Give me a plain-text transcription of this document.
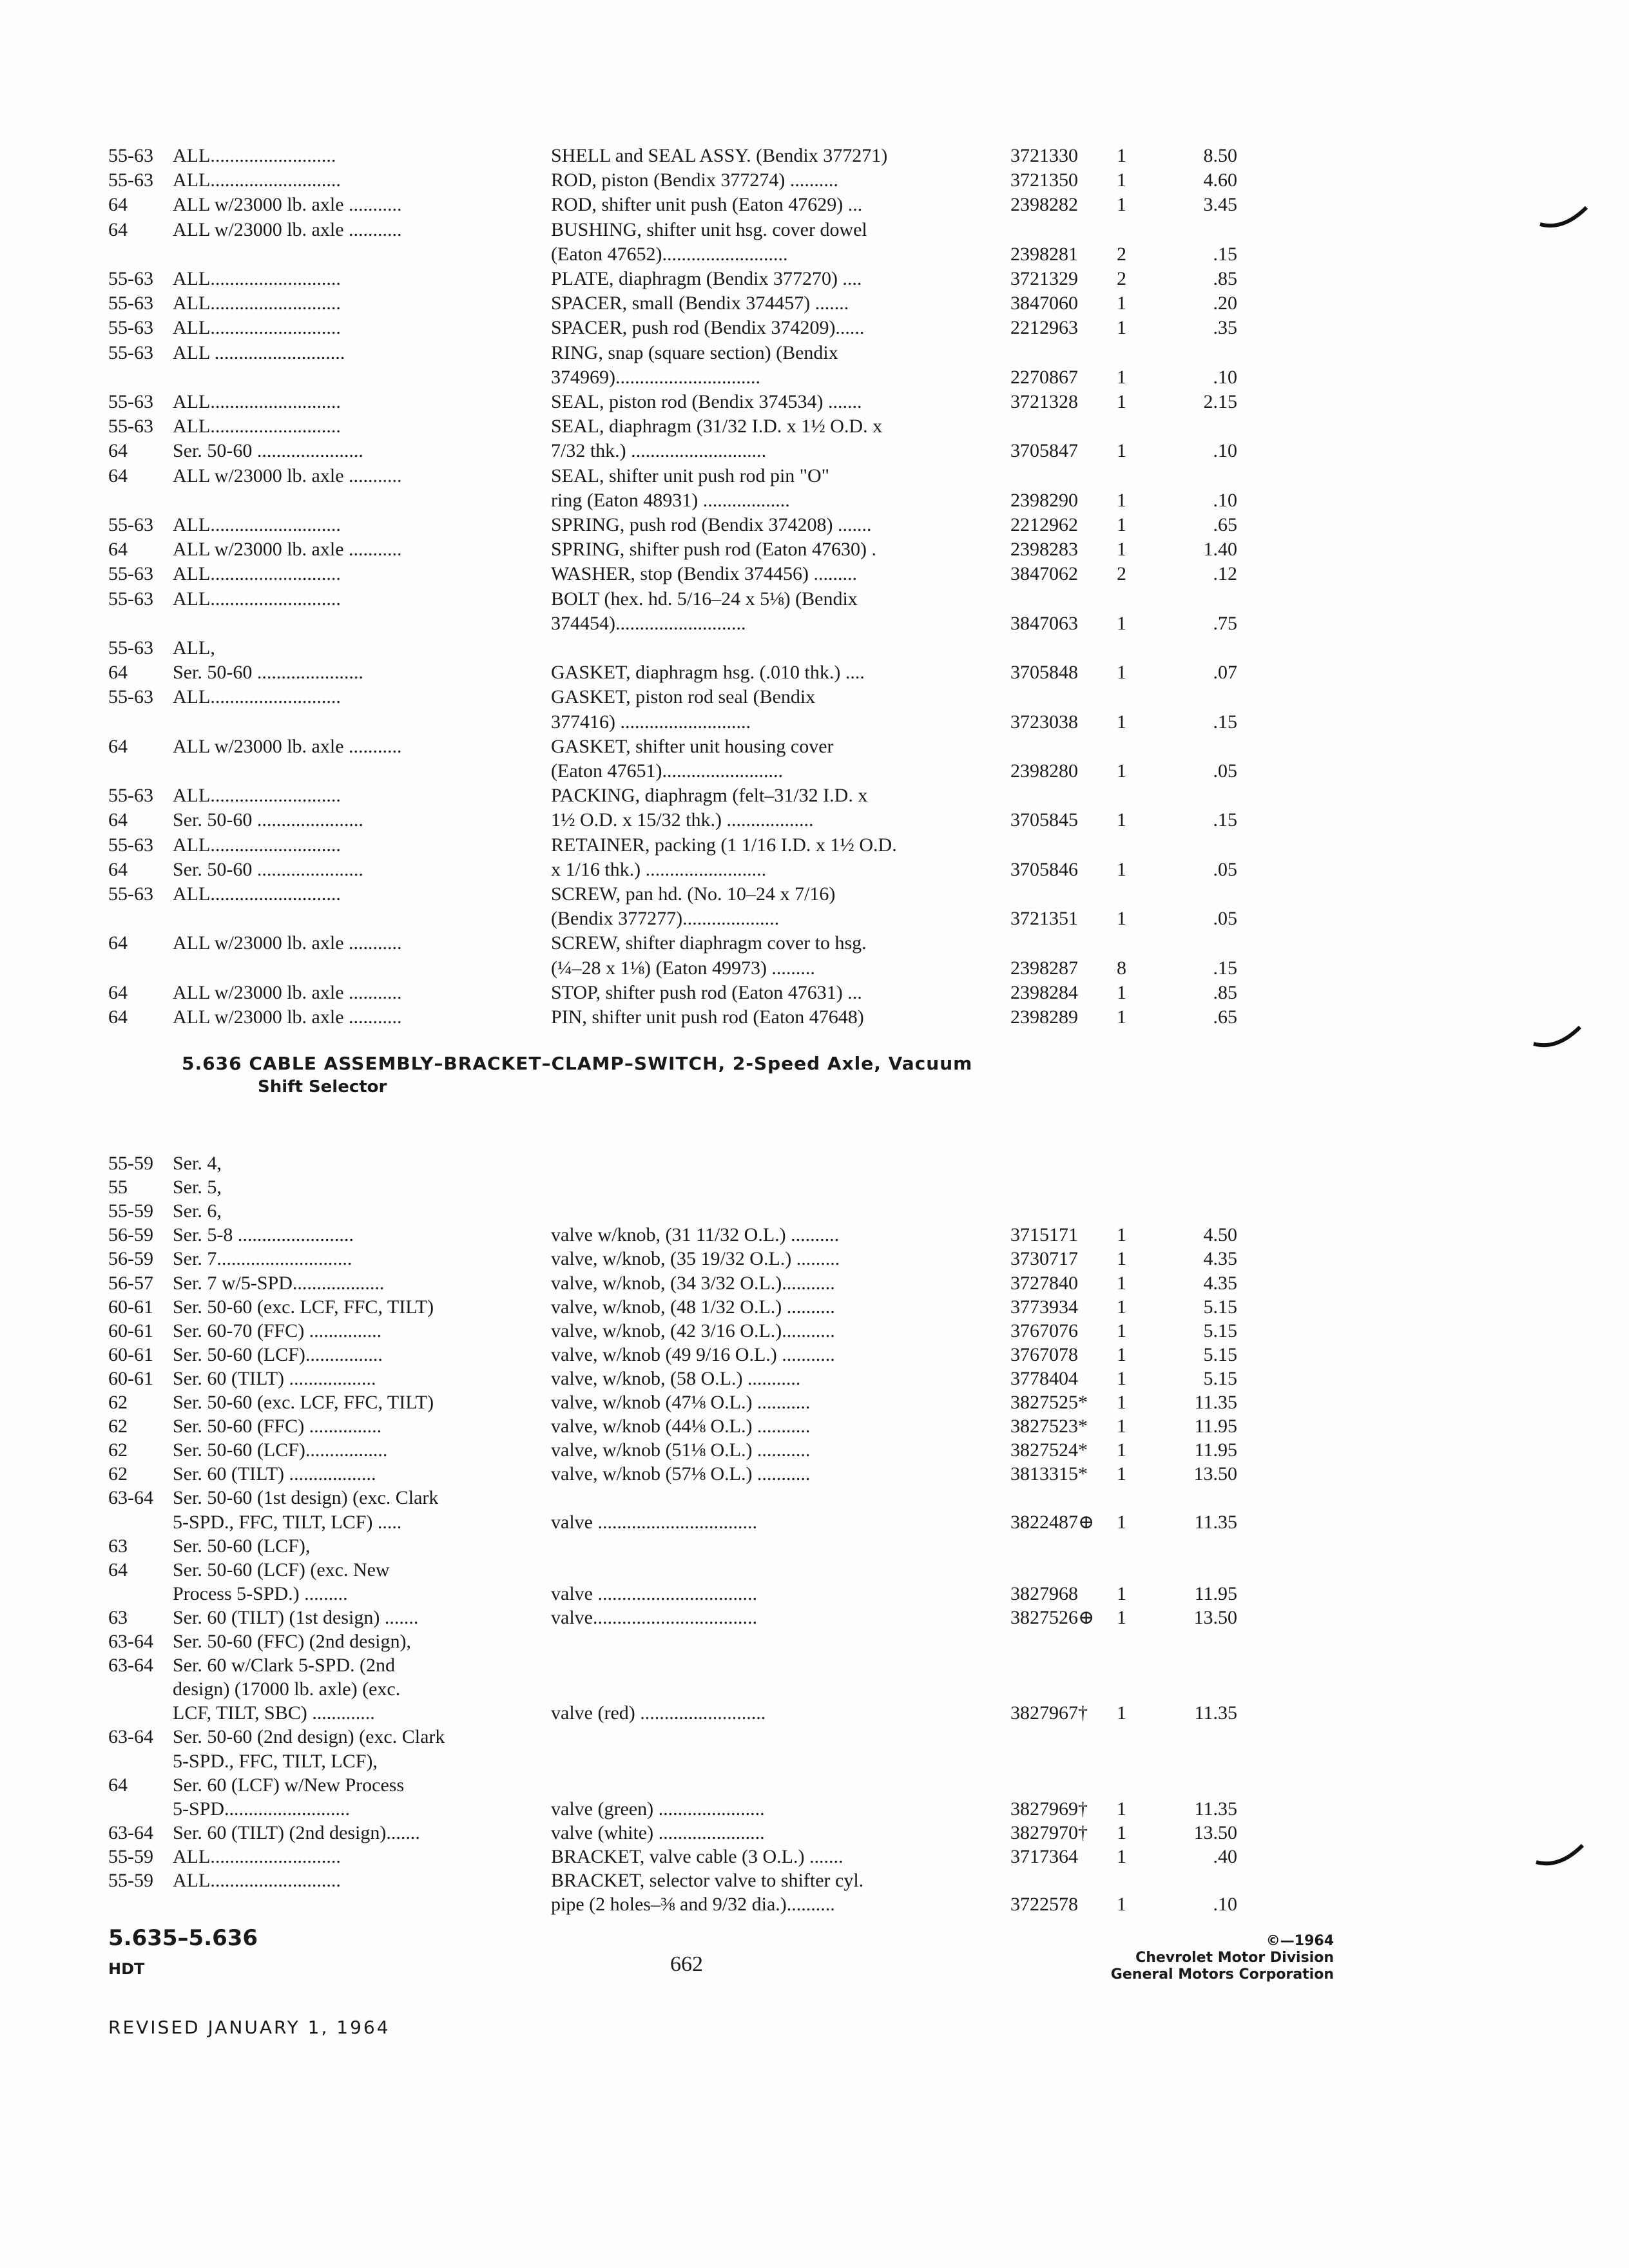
55-63	ALL..........................	SHELL and SEAL ASSY. (Bendix 377271)	3721330	1	8.50
55-63	ALL...........................	ROD, piston (Bendix 377274) ..........	3721350	1	4.60
64	ALL w/23000 lb. axle ...........	ROD, shifter unit push (Eaton 47629) ...	2398282	1	3.45
64	ALL w/23000 lb. axle ...........	BUSHING, shifter unit hsg. cover dowel
(Eaton 47652)..........................	2398281	2	.15
55-63	ALL...........................	PLATE, diaphragm (Bendix 377270) ....	3721329	2	.85
55-63	ALL...........................	SPACER, small (Bendix 374457) .......	3847060	1	.20
55-63	ALL...........................	SPACER, push rod (Bendix 374209)......	2212963	1	.35
55-63	ALL ...........................	RING, snap (square section) (Bendix
374969)..............................	2270867	1	.10
55-63	ALL...........................	SEAL, piston rod (Bendix 374534) .......	3721328	1	2.15
55-63	ALL...........................	SEAL, diaphragm (31/32 I.D. x 1½ O.D. x
64	Ser. 50-60 ......................	7/32 thk.) ............................	3705847	1	.10
64	ALL w/23000 lb. axle ...........	SEAL, shifter unit push rod pin "O"
ring (Eaton 48931) ..................	2398290	1	.10
55-63	ALL...........................	SPRING, push rod (Bendix 374208) .......	2212962	1	.65
64	ALL w/23000 lb. axle ...........	SPRING, shifter push rod (Eaton 47630) .	2398283	1	1.40
55-63	ALL...........................	WASHER, stop (Bendix 374456) .........	3847062	2	.12
55-63	ALL...........................	BOLT (hex. hd. 5/16–24 x 5⅛) (Bendix
374454)...........................	3847063	1	.75
55-63	ALL,
64	Ser. 50-60 ......................	GASKET, diaphragm hsg. (.010 thk.) ....	3705848	1	.07
55-63	ALL...........................	GASKET, piston rod seal (Bendix
377416) ...........................	3723038	1	.15
64	ALL w/23000 lb. axle ...........	GASKET, shifter unit housing cover
(Eaton 47651).........................	2398280	1	.05
55-63	ALL...........................	PACKING, diaphragm (felt–31/32 I.D. x
64	Ser. 50-60 ......................	1½ O.D. x 15/32 thk.) ..................	3705845	1	.15
55-63	ALL...........................	RETAINER, packing (1 1/16 I.D. x 1½ O.D.
64	Ser. 50-60 ......................	x 1/16 thk.) .........................	3705846	1	.05
55-63	ALL...........................	SCREW, pan hd. (No. 10–24 x 7/16)
(Bendix 377277)....................	3721351	1	.05
64	ALL w/23000 lb. axle ...........	SCREW, shifter diaphragm cover to hsg.
(¼–28 x 1⅛) (Eaton 49973) .........	2398287	8	.15
64	ALL w/23000 lb. axle ...........	STOP, shifter push rod (Eaton 47631) ...	2398284	1	.85
64	ALL w/23000 lb. axle ...........	PIN, shifter unit push rod (Eaton 47648)	2398289	1	.65
5.636 CABLE ASSEMBLY–BRACKET–CLAMP–SWITCH, 2-Speed Axle, Vacuum
Shift Selector
55-59	Ser. 4,
55	Ser. 5,
55-59	Ser. 6,
56-59	Ser. 5-8 ........................	valve w/knob, (31 11/32 O.L.) ..........	3715171	1	4.50
56-59	Ser. 7............................	valve, w/knob, (35 19/32 O.L.) .........	3730717	1	4.35
56-57	Ser. 7 w/5-SPD...................	valve, w/knob, (34 3/32 O.L.)...........	3727840	1	4.35
60-61	Ser. 50-60 (exc. LCF, FFC, TILT)	valve, w/knob, (48 1/32 O.L.) ..........	3773934	1	5.15
60-61	Ser. 60-70 (FFC) ...............	valve, w/knob, (42 3/16 O.L.)...........	3767076	1	5.15
60-61	Ser. 50-60 (LCF)................	valve, w/knob (49 9/16 O.L.) ...........	3767078	1	5.15
60-61	Ser. 60 (TILT) ..................	valve, w/knob, (58 O.L.) ...........	3778404	1	5.15
62	Ser. 50-60 (exc. LCF, FFC, TILT)	valve, w/knob (47⅛ O.L.) ...........	3827525*	1	11.35
62	Ser. 50-60 (FFC) ...............	valve, w/knob (44⅛ O.L.) ...........	3827523*	1	11.95
62	Ser. 50-60 (LCF).................	valve, w/knob (51⅛ O.L.) ...........	3827524*	1	11.95
62	Ser. 60 (TILT) ..................	valve, w/knob (57⅛ O.L.) ...........	3813315*	1	13.50
63-64	Ser. 50-60 (1st design) (exc. Clark
5-SPD., FFC, TILT, LCF) .....	valve .................................	3822487⊕	1	11.35
63	Ser. 50-60 (LCF),
64	Ser. 50-60 (LCF) (exc. New
Process 5-SPD.) .........	valve .................................	3827968	1	11.95
63	Ser. 60 (TILT) (1st design) .......	valve..................................	3827526⊕	1	13.50
63-64	Ser. 50-60 (FFC) (2nd design),
63-64	Ser. 60 w/Clark 5-SPD. (2nd
design) (17000 lb. axle) (exc.
LCF, TILT, SBC) .............	valve (red) ..........................	3827967†	1	11.35
63-64	Ser. 50-60 (2nd design) (exc. Clark
5-SPD., FFC, TILT, LCF),
64	Ser. 60 (LCF) w/New Process
5-SPD..........................	valve (green) ......................	3827969†	1	11.35
63-64	Ser. 60 (TILT) (2nd design).......	valve (white) ......................	3827970†	1	13.50
55-59	ALL...........................	BRACKET, valve cable (3 O.L.) .......	3717364	1	.40
55-59	ALL...........................	BRACKET, selector valve to shifter cyl.
pipe (2 holes–⅜ and 9/32 dia.)..........	3722578	1	.10
5.635–5.636
HDT	662
REVISED JANUARY 1, 1964
©—1964
Chevrolet Motor Division
General Motors Corporation
